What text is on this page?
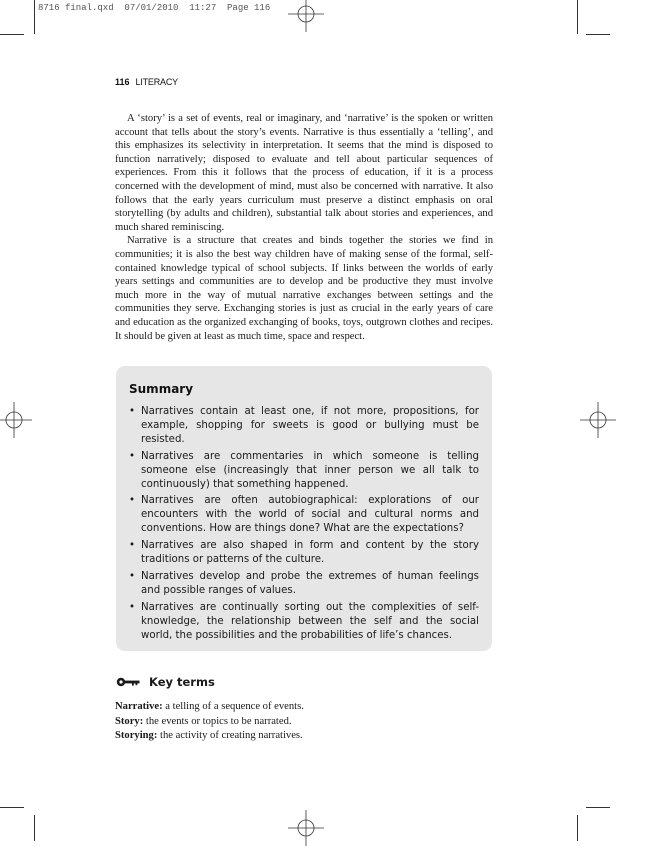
8716 final.qxd  07/01/2010  11:27  Page 116
116 LITERACY

A ‘story’ is a set of events, real or imaginary, and ‘narrative’ is the spoken or written account that tells about the story’s events. Narrative is thus essentially a ‘telling’, and this emphasizes its selectivity in interpretation. It seems that the mind is disposed to function narratively; disposed to evaluate and tell about particular sequences of experiences. From this it follows that the process of education, if it is a process concerned with the development of mind, must also be concerned with narrative. It also follows that the early years curriculum must preserve a distinct emphasis on oral storytelling (by adults and children), substantial talk about stories and experiences, and much shared reminiscing.

Narrative is a structure that creates and binds together the stories we find in communities; it is also the best way children have of making sense of the formal, self-contained knowledge typical of school subjects. If links between the worlds of early years settings and communities are to develop and be productive they must involve much more in the way of mutual narrative exchanges between settings and the communities they serve. Exchanging stories is just as crucial in the early years of care and education as the organized exchanging of books, toys, outgrown clothes and recipes. It should be given at least as much time, space and respect.

Summary
• Narratives contain at least one, if not more, propositions, for example, shopping for sweets is good or bullying must be resisted.
• Narratives are commentaries in which someone is telling someone else (increasingly that inner person we all talk to continuously) that something happened.
• Narratives are often autobiographical: explorations of our encounters with the world of social and cultural norms and conventions. How are things done? What are the expectations?
• Narratives are also shaped in form and content by the story traditions or patterns of the culture.
• Narratives develop and probe the extremes of human feelings and possible ranges of values.
• Narratives are continually sorting out the complexities of self-knowledge, the relationship between the self and the social world, the possibilities and the probabilities of life’s chances.
Key terms
Narrative: a telling of a sequence of events.
Story: the events or topics to be narrated.
Storying: the activity of creating narratives.
